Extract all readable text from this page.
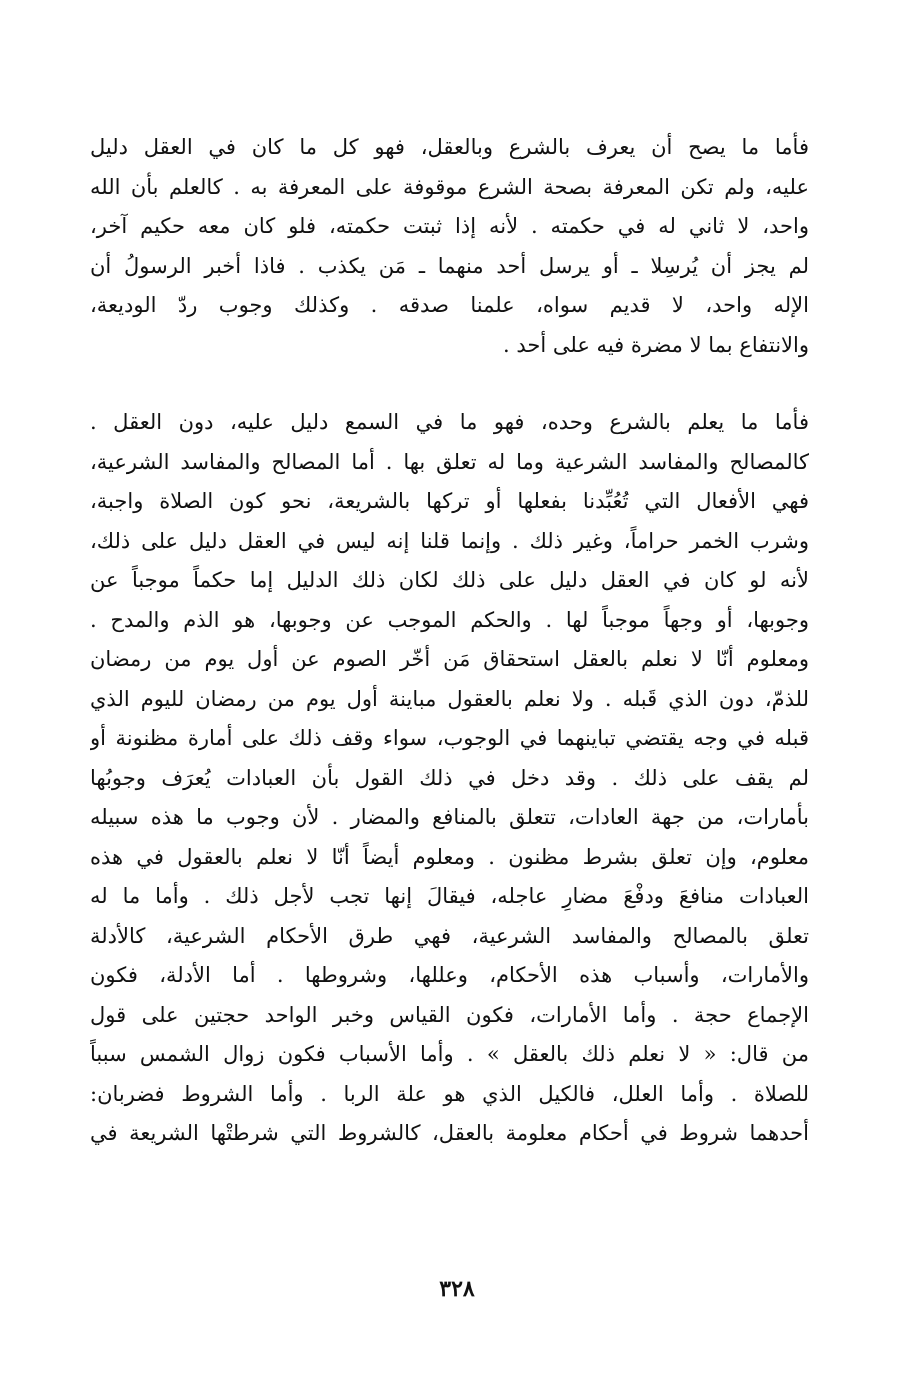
فأما ما يصح أن يعرف بالشرع وبالعقل، فهو كل ما كان في العقل دليل
عليه، ولم تكن المعرفة بصحة الشرع موقوفة على المعرفة به . كالعلم بأن الله
واحد، لا ثاني له في حكمته . لأنه إذا ثبتت حكمته، فلو كان معه حكيم آخر،
لم يجز أن يُرسِلا ـ أو يرسل أحد منهما ـ مَن يكذب . فاذا أخبر الرسولُ أن
الإله واحد، لا قديم سواه، علمنا صدقه . وكذلك وجوب ردّ الوديعة،
والانتفاع بما لا مضرة فيه على أحد .
فأما ما يعلم بالشرع وحده، فهو ما في السمع دليل عليه، دون العقل .
كالمصالح والمفاسد الشرعية وما له تعلق بها . أما المصالح والمفاسد الشرعية،
فهي الأفعال التي تُعُبِّدنا بفعلها أو تركها بالشريعة، نحو كون الصلاة واجبة،
وشرب الخمر حراماً، وغير ذلك . وإنما قلنا إنه ليس في العقل دليل على ذلك،
لأنه لو كان في العقل دليل على ذلك لكان ذلك الدليل إما حكماً موجباً عن
وجوبها، أو وجهاً موجباً لها . والحكم الموجب عن وجوبها، هو الذم والمدح .
ومعلوم أنّا لا نعلم بالعقل استحقاق مَن أخّر الصوم عن أول يوم من رمضان
للذمّ، دون الذي قَبله . ولا نعلم بالعقول مباينة أول يوم من رمضان لليوم الذي
قبله في وجه يقتضي تباينهما في الوجوب، سواء وقف ذلك على أمارة مظنونة أو
لم يقف على ذلك . وقد دخل في ذلك القول بأن العبادات يُعرَف وجوبُها
بأمارات، من جهة العادات، تتعلق بالمنافع والمضار . لأن وجوب ما هذه سبيله
معلوم، وإن تعلق بشرط مظنون . ومعلوم أيضاً أنّا لا نعلم بالعقول في هذه
العبادات منافعَ ودفْعَ مضارِ عاجله، فيقالَ إنها تجب لأجل ذلك . وأما ما له
تعلق بالمصالح والمفاسد الشرعية، فهي طرق الأحكام الشرعية، كالأدلة
والأمارات، وأسباب هذه الأحكام، وعللها، وشروطها . أما الأدلة، فكون
الإجماع حجة . وأما الأمارات، فكون القياس وخبر الواحد حجتين على قول
من قال: « لا نعلم ذلك بالعقل » . وأما الأسباب فكون زوال الشمس سبباً
للصلاة . وأما العلل، فالكيل الذي هو علة الربا . وأما الشروط فضربان:
أحدهما شروط في أحكام معلومة بالعقل، كالشروط التي شرطتْها الشريعة في
٣٢٨
